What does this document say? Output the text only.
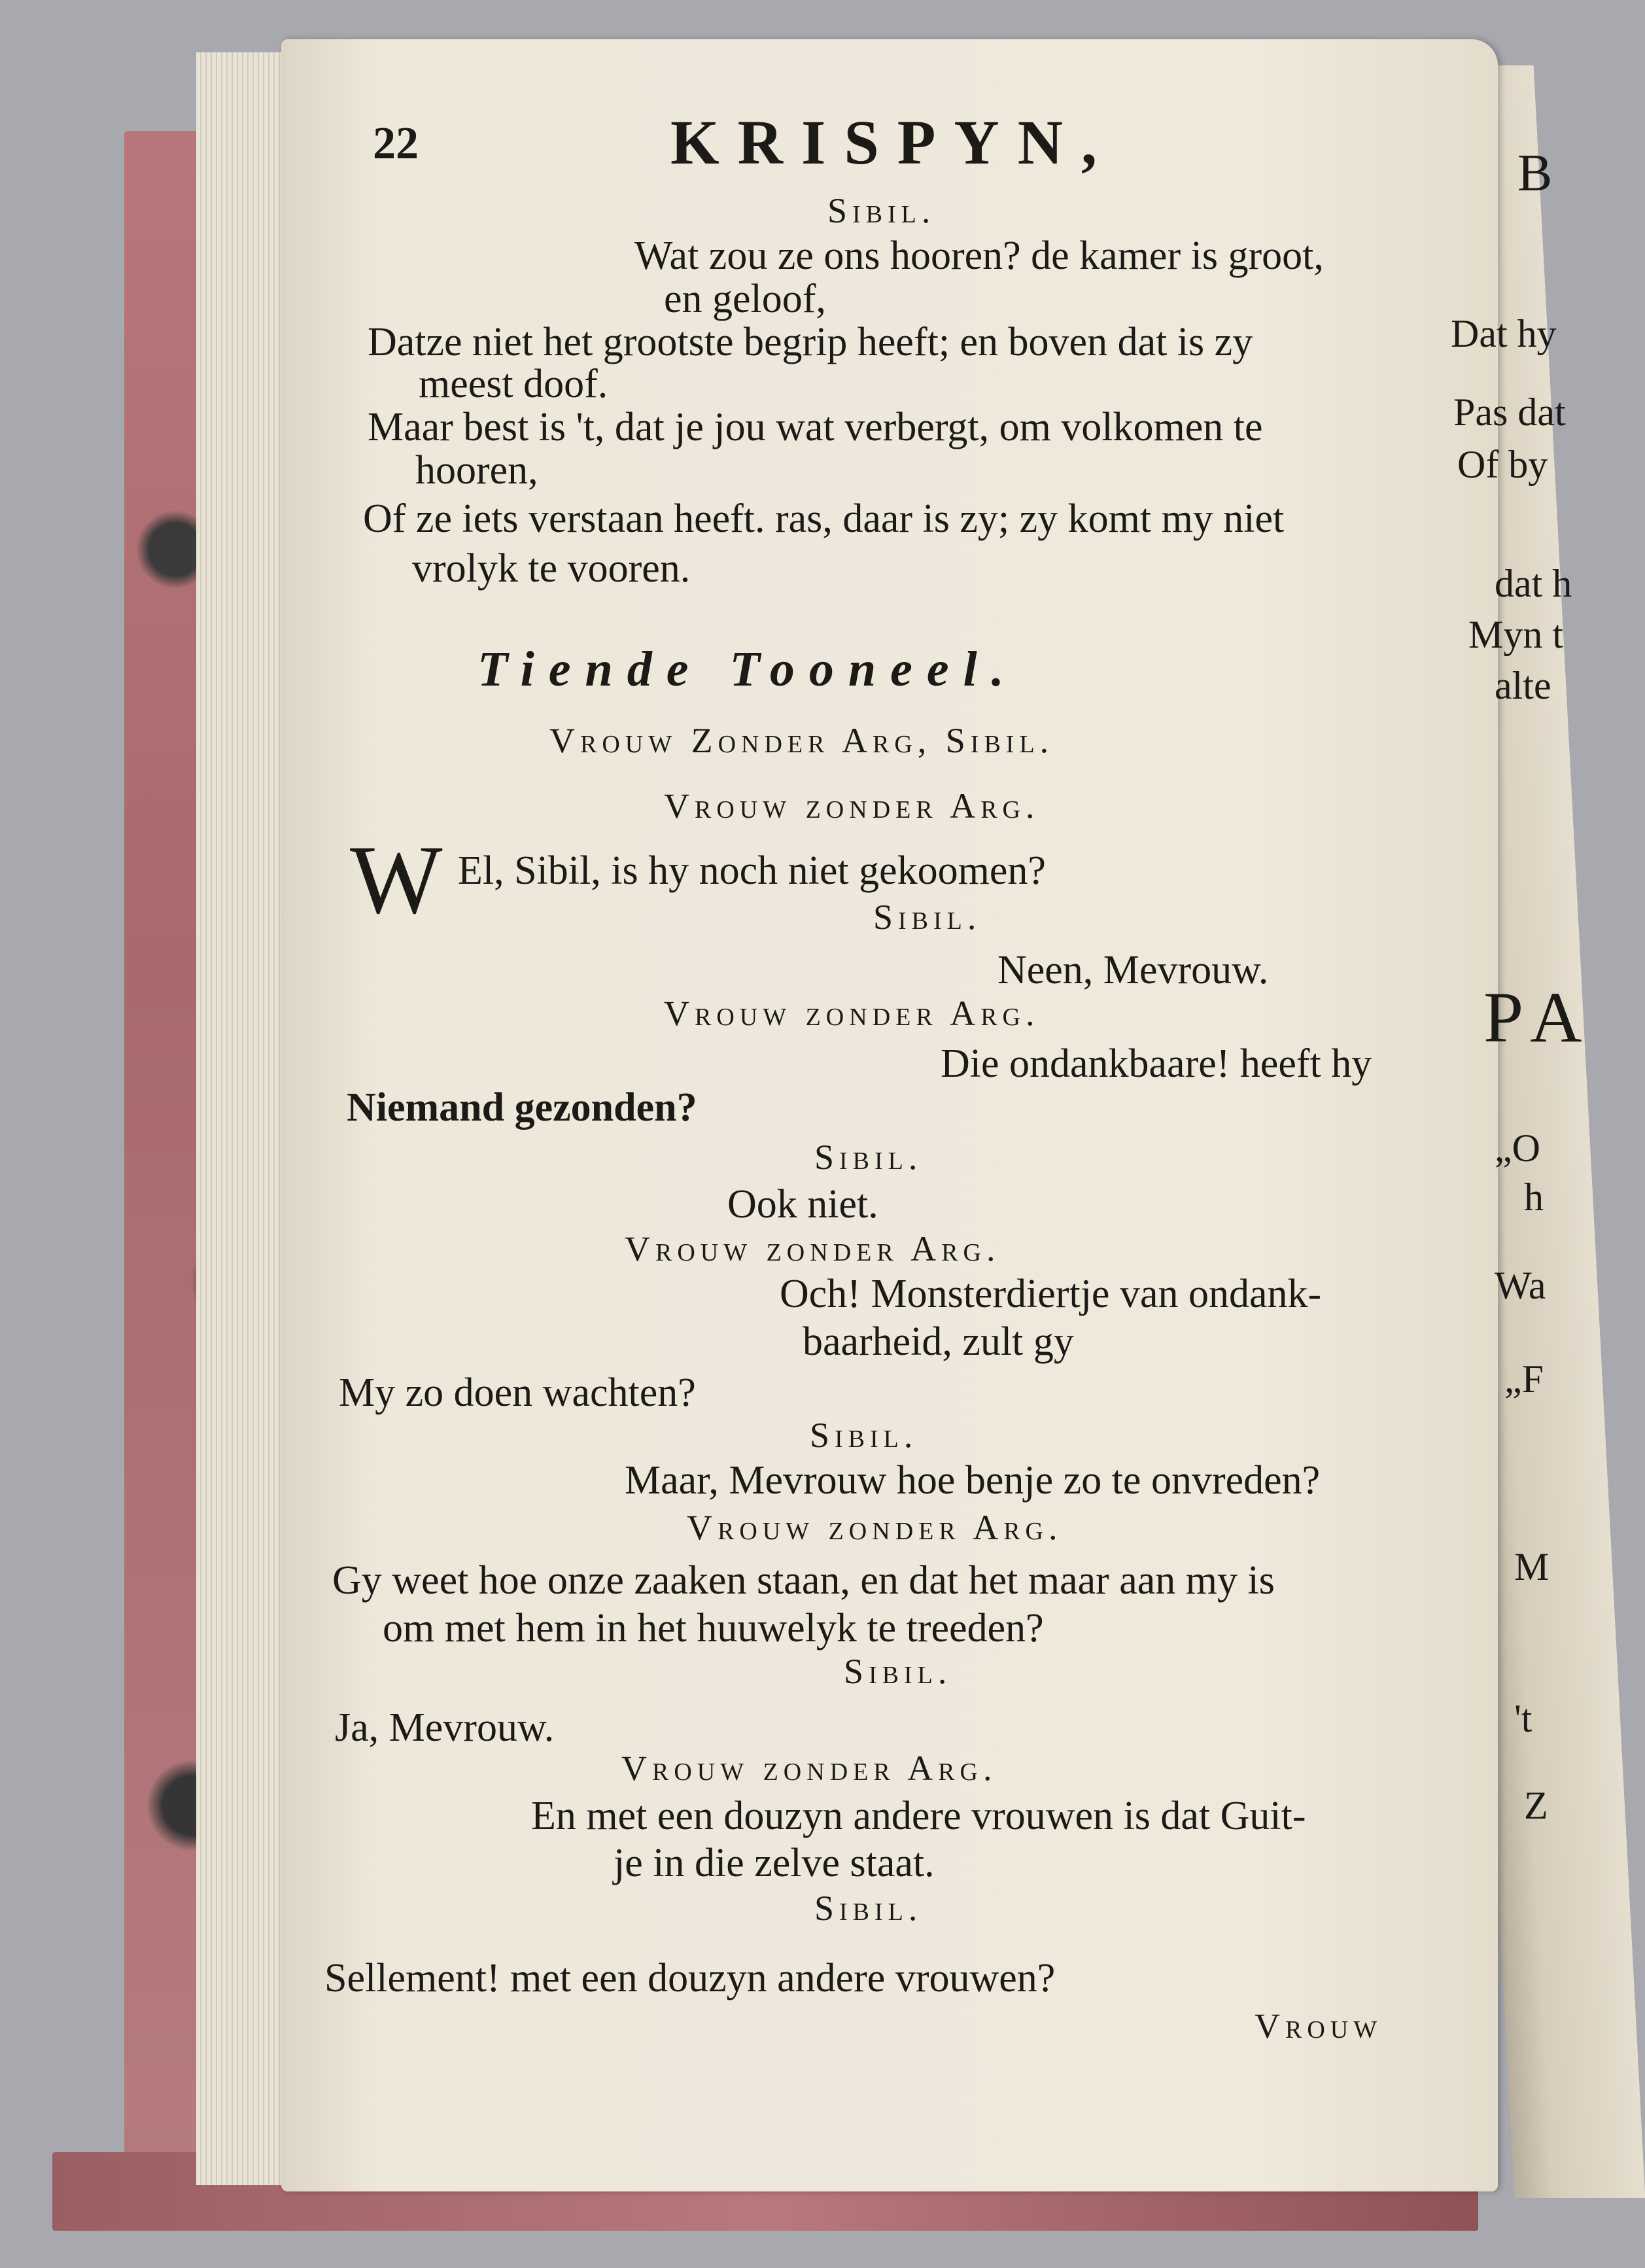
22	KRISPYN,
Sibil.
Wat zou ze ons hooren? de kamer is groot,
en geloof,
Datze niet het grootste begrip heeft; en boven dat is zy
meest doof.
Maar best is 't, dat je jou wat verbergt, om volkomen te
hooren,
Of ze iets verstaan heeft. ras, daar is zy; zy komt my niet
vrolyk te vooren.
Tiende Tooneel.
Vrouw Zonder Arg, Sibil.
Vrouw zonder Arg.
W El, Sibil, is hy noch niet gekoomen?
Sibil.
Neen, Mevrouw.
Vrouw zonder Arg.
Die ondankbaare! heeft hy
Niemand gezonden?
Sibil.
Ook niet.
Vrouw zonder Arg.
Och! Monsterdiertje van ondank-
baarheid, zult gy
My zo doen wachten?
Sibil.
Maar, Mevrouw hoe benje zo te onvreden?
Vrouw zonder Arg.
Gy weet hoe onze zaaken staan, en dat het maar aan my is
om met hem in het huuwelyk te treeden?
Sibil.
Ja, Mevrouw.
Vrouw zonder Arg.
En met een douzyn andere vrouwen is dat Guit-
je in die zelve staat.
Sibil.
Sellement! met een douzyn andere vrouwen?
Vrouw
B
Dat hy
Pas dat
Of by
dat h
Myn t
alte
PA
„O
h
Wa
„F
M
't
Z
